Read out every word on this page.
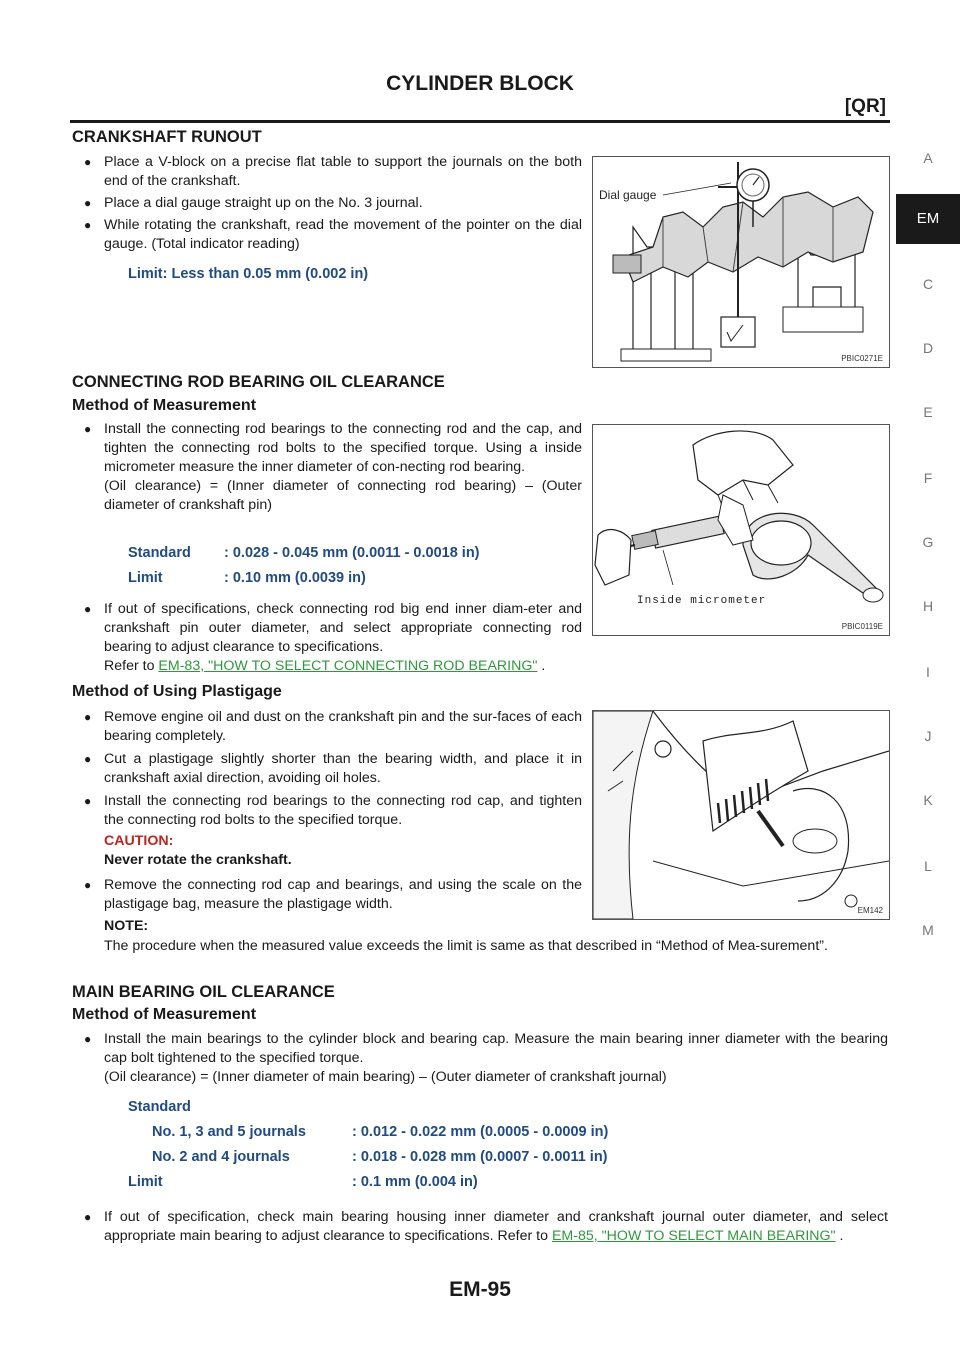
CYLINDER BLOCK
[QR]
A
EM
C
D
E
F
G
H
I
J
K
L
M
CRANKSHAFT RUNOUT
● Place a V-block on a precise flat table to support the journals on the both end of the crankshaft.
● Place a dial gauge straight up on the No. 3 journal.
● While rotating the crankshaft, read the movement of the pointer on the dial gauge. (Total indicator reading)
Limit: Less than 0.05 mm (0.002 in)
Dial gauge
PBIC0271E
CONNECTING ROD BEARING OIL CLEARANCE
Method of Measurement
● Install the connecting rod bearings to the connecting rod and the cap, and tighten the connecting rod bolts to the specified torque. Using a inside micrometer measure the inner diameter of con-necting rod bearing.
(Oil clearance) = (Inner diameter of connecting rod bearing) – (Outer diameter of crankshaft pin)
Standard : 0.028 - 0.045 mm (0.0011 - 0.0018 in)
Limit	: 0.10 mm (0.0039 in)
● If out of specifications, check connecting rod big end inner diam-eter and crankshaft pin outer diameter, and select appropriate connecting rod bearing to adjust clearance to specifications.
Refer to EM-83, "HOW TO SELECT CONNECTING ROD BEARING" .
Inside micrometer
PBIC0119E
Method of Using Plastigage
● Remove engine oil and dust on the crankshaft pin and the sur-faces of each bearing completely.
● Cut a plastigage slightly shorter than the bearing width, and place it in crankshaft axial direction, avoiding oil holes.
● Install the connecting rod bearings to the connecting rod cap, and tighten the connecting rod bolts to the specified torque.
CAUTION:
Never rotate the crankshaft.
● Remove the connecting rod cap and bearings, and using the scale on the plastigage bag, measure the plastigage width.
NOTE:
The procedure when the measured value exceeds the limit is same as that described in “Method of Mea-surement”.
EM142
MAIN BEARING OIL CLEARANCE
Method of Measurement
● Install the main bearings to the cylinder block and bearing cap. Measure the main bearing inner diameter with the bearing cap bolt tightened to the specified torque.
(Oil clearance) = (Inner diameter of main bearing) – (Outer diameter of crankshaft journal)
Standard
No. 1, 3 and 5 journals	: 0.012 - 0.022 mm (0.0005 - 0.0009 in)
No. 2 and 4 journals	: 0.018 - 0.028 mm (0.0007 - 0.0011 in)
Limit	: 0.1 mm (0.004 in)
● If out of specification, check main bearing housing inner diameter and crankshaft journal outer diameter, and select appropriate main bearing to adjust clearance to specifications. Refer to EM-85, "HOW TO SELECT MAIN BEARING" .
EM-95
